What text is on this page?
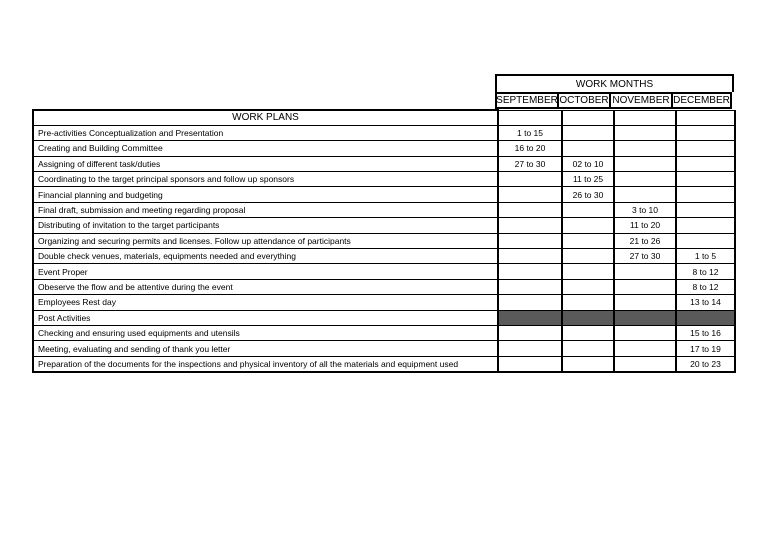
WORK MONTHS
SEPTEMBER OCTOBER NOVEMBER DECEMBER
WORK PLANS				
Pre-activities Conceptualization and Presentation	1 to 15			
Creating and Building Committee	16 to 20			
Assigning of different task/duties	27 to 30	02 to 10		
Coordinating to the target principal sponsors and follow up sponsors		11 to 25		
Financial planning and budgeting		26 to 30		
Final draft, submission and meeting regarding proposal			3 to 10	
Distributing of invitation to the target participants			11 to 20	
Organizing and securing permits and licenses. Follow up attendance of participants			21 to 26	
Double check venues, materials, equipments needed and everything			27 to 30	1 to 5
Event Proper				8 to 12
Obeserve the flow and be attentive during the event				8 to 12
Employees Rest day				13 to 14
Post Activities				
Checking and ensuring used equipments and utensils				15 to 16
Meeting, evaluating and sending of thank you letter				17 to 19
Preparation of the documents for the inspections and physical inventory of all the materials and equipment used				20 to 23
